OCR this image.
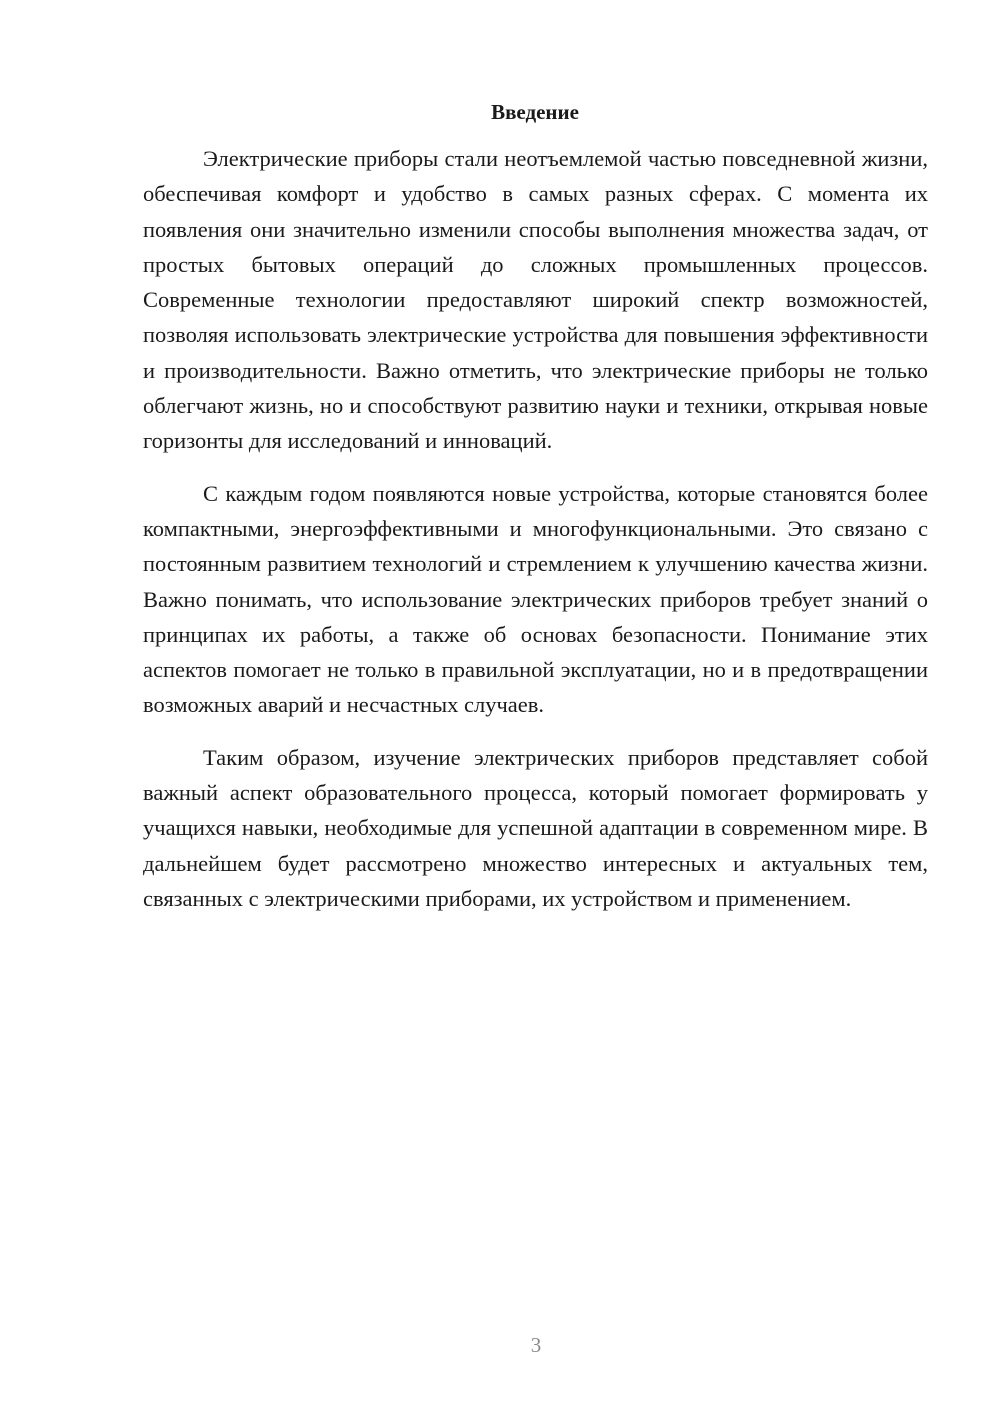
Введение

Электрические приборы стали неотъемлемой частью повседневной жизни, обеспечивая комфорт и удобство в самых разных сферах. С момента их появления они значительно изменили способы выполнения множества задач, от простых бытовых операций до сложных промышленных процессов. Современные технологии предоставляют широкий спектр возможностей, позволяя использовать электрические устройства для повышения эффективности и производительности. Важно отметить, что электрические приборы не только облегчают жизнь, но и способствуют развитию науки и техники, открывая новые горизонты для исследований и инноваций.

С каждым годом появляются новые устройства, которые становятся более компактными, энергоэффективными и многофункциональными. Это связано с постоянным развитием технологий и стремлением к улучшению качества жизни. Важно понимать, что использование электрических приборов требует знаний о принципах их работы, а также об основах безопасности. Понимание этих аспектов помогает не только в правильной эксплуатации, но и в предотвращении возможных аварий и несчастных случаев.

Таким образом, изучение электрических приборов представляет собой важный аспект образовательного процесса, который помогает формировать у учащихся навыки, необходимые для успешной адаптации в современном мире. В дальнейшем будет рассмотрено множество интересных и актуальных тем, связанных с электрическими приборами, их устройством и применением.

3
